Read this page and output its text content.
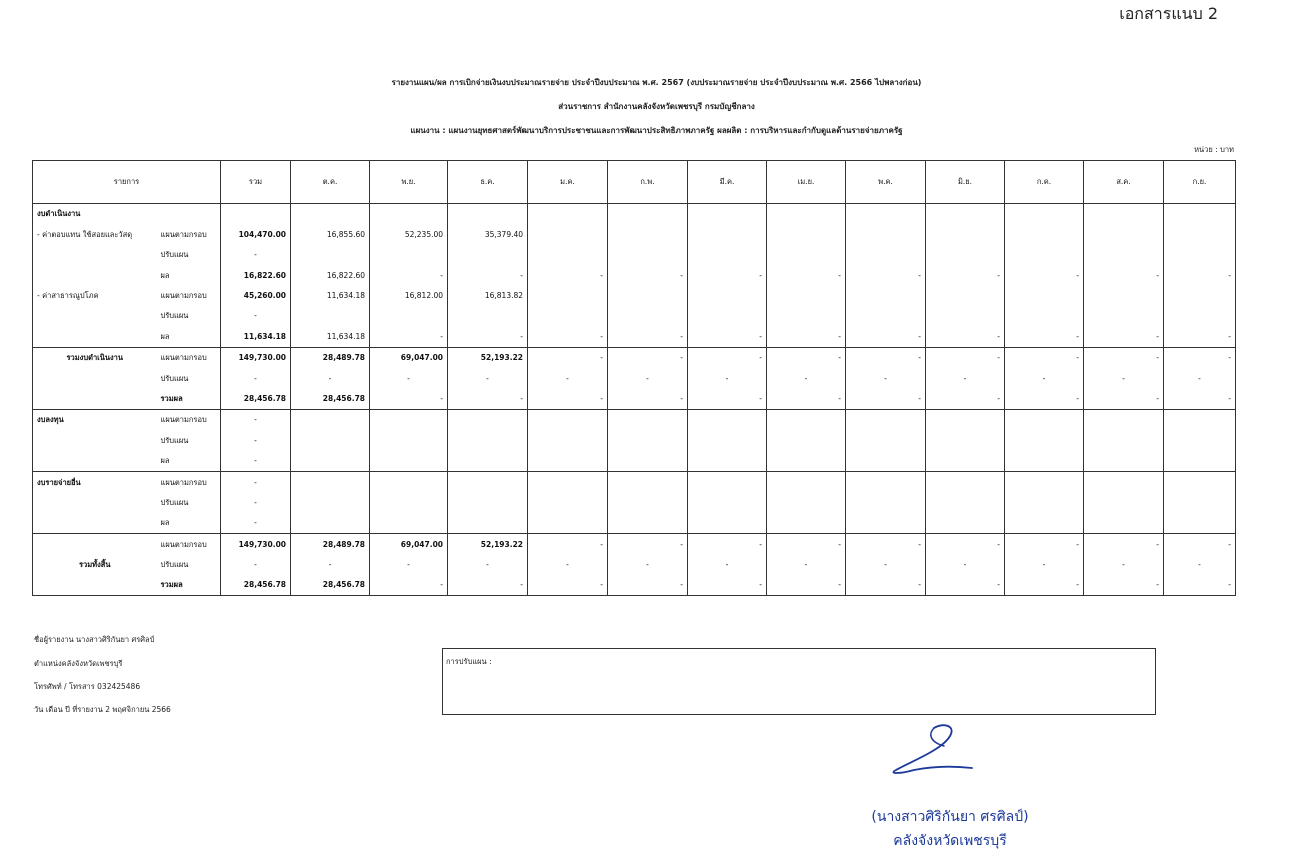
เอกสารแนบ 2
รายงานแผน/ผล การเบิกจ่ายเงินงบประมาณรายจ่าย ประจำปีงบประมาณ พ.ศ. 2567 (งบประมาณรายจ่าย ประจำปีงบประมาณ พ.ศ. 2566 ไปพลางก่อน)
ส่วนราชการ สำนักงานคลังจังหวัดเพชรบุรี กรมบัญชีกลาง
แผนงาน : แผนงานยุทธศาสตร์พัฒนาบริการประชาชนและการพัฒนาประสิทธิภาพภาครัฐ ผลผลิต : การบริหารและกำกับดูแลด้านรายจ่ายภาครัฐ
หน่วย : บาท
รายการ		รวม	ต.ค.	พ.ย.	ธ.ค.	ม.ค.	ก.พ.	มี.ค.	เม.ย.	พ.ค.	มิ.ย.	ก.ค.	ส.ค.	ก.ย.
งบดำเนินงาน														
- ค่าตอบแทน ใช้สอยและวัสดุ	แผนตามกรอบ	104,470.00	16,855.60	52,235.00	35,379.40									
	ปรับแผน	-												
	ผล	16,822.60	16,822.60	-	-	-	-	-	-	-	-	-	-	-
- ค่าสาธารณูปโภค	แผนตามกรอบ	45,260.00	11,634.18	16,812.00	16,813.82									
	ปรับแผน	-												
	ผล	11,634.18	11,634.18	-	-	-	-	-	-	-	-	-	-	-
รวมงบดำเนินงาน	แผนตามกรอบ	149,730.00	28,489.78	69,047.00	52,193.22	-	-	-	-	-	-	-	-	-
	ปรับแผน	-	-	-	-	-	-	-	-	-	-	-	-	-
	รวมผล	28,456.78	28,456.78	-	-	-	-	-	-	-	-	-	-	-
งบลงทุน	แผนตามกรอบ	-												
	ปรับแผน	-												
	ผล	-												
งบรายจ่ายอื่น	แผนตามกรอบ	-												
	ปรับแผน	-												
	ผล	-												
	แผนตามกรอบ	149,730.00	28,489.78	69,047.00	52,193.22	-	-	-	-	-	-	-	-	-
รวมทั้งสิ้น	ปรับแผน	-	-	-	-	-	-	-	-	-	-	-	-	-
	รวมผล	28,456.78	28,456.78	-	-	-	-	-	-	-	-	-	-	-
ชื่อผู้รายงาน นางสาวศิริกันยา ศรศิลป์
ตำแหน่งคลังจังหวัดเพชรบุรี
โทรศัพท์ / โทรสาร 032425486
วัน เดือน ปี ที่รายงาน 2 พฤศจิกายน 2566
การปรับแผน :
(นางสาวศิริกันยา ศรศิลป์)
คลังจังหวัดเพชรบุรี
